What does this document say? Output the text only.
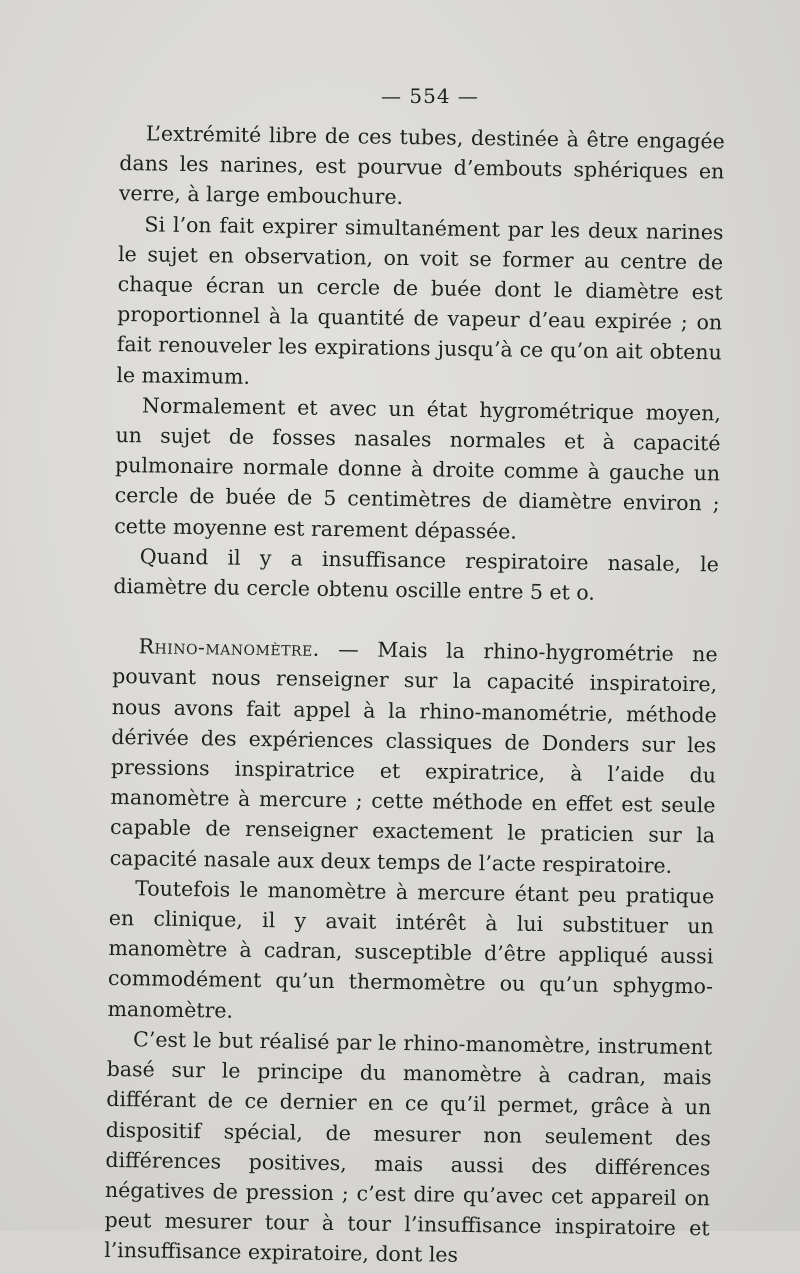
— 554 —

L’extrémité libre de ces tubes, destinée à être engagée dans les narines, est pourvue d’embouts sphériques en verre, à large embouchure.

Si l’on fait expirer simultanément par les deux narines le sujet en observation, on voit se former au centre de chaque écran un cercle de buée dont le diamètre est proportionnel à la quantité de vapeur d’eau expirée ; on fait renouveler les expirations jusqu’à ce qu’on ait obtenu le maximum.

Normalement et avec un état hygrométrique moyen, un sujet de fosses nasales normales et à capacité pulmonaire normale donne à droite comme à gauche un cercle de buée de 5 centimètres de diamètre environ ; cette moyenne est rarement dépassée.

Quand il y a insuffisance respiratoire nasale, le diamètre du cercle obtenu oscille entre 5 et o.

Rhino-manomètre. — Mais la rhino-hygrométrie ne pouvant nous renseigner sur la capacité inspiratoire, nous avons fait appel à la rhino-manométrie, méthode dérivée des expériences classiques de Donders sur les pressions inspiratrice et expiratrice, à l’aide du manomètre à mercure ; cette méthode en effet est seule capable de renseigner exactement le praticien sur la capacité nasale aux deux temps de l’acte respiratoire.

Toutefois le manomètre à mercure étant peu pratique en clinique, il y avait intérêt à lui substituer un manomètre à cadran, susceptible d’être appliqué aussi commodément qu’un thermomètre ou qu’un sphygmo-manomètre.

C’est le but réalisé par le rhino-manomètre, instrument basé sur le principe du manomètre à cadran, mais différant de ce dernier en ce qu’il permet, grâce à un dispositif spécial, de mesurer non seulement des différences positives, mais aussi des différences négatives de pression ; c’est dire qu’avec cet appareil on peut mesurer tour à tour l’insuffisance inspiratoire et l’insuffisance expiratoire, dont les
